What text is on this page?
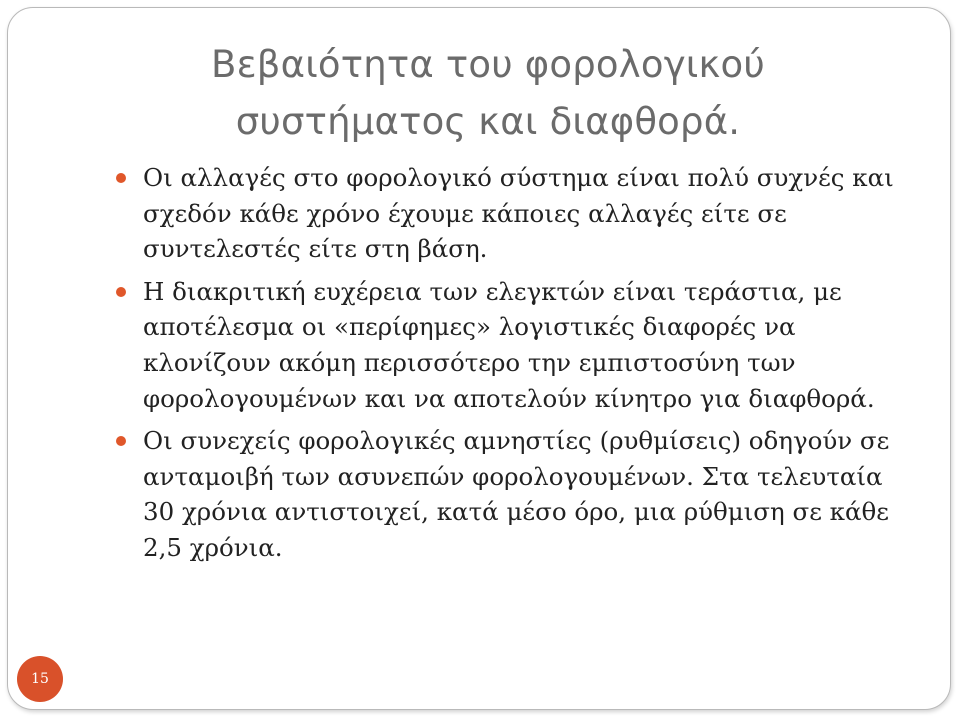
Βεβαιότητα του φορολογικού
συστήματος και διαφθορά.
Οι αλλαγές στο φορολογικό σύστημα είναι πολύ συχνές και σχεδόν κάθε χρόνο έχουμε κάποιες αλλαγές είτε σε συντελεστές είτε στη βάση.
Η διακριτική ευχέρεια των ελεγκτών είναι τεράστια, με αποτέλεσμα οι «περίφημες» λογιστικές διαφορές να κλονίζουν ακόμη περισσότερο την εμπιστοσύνη των φορολογουμένων και να αποτελούν κίνητρο για διαφθορά.
Οι συνεχείς φορολογικές αμνηστίες (ρυθμίσεις) οδηγούν σε ανταμοιβή των ασυνεπών φορολογουμένων. Στα τελευταία 30 χρόνια αντιστοιχεί, κατά μέσο όρο, μια ρύθμιση σε κάθε 2,5 χρόνια.
15
